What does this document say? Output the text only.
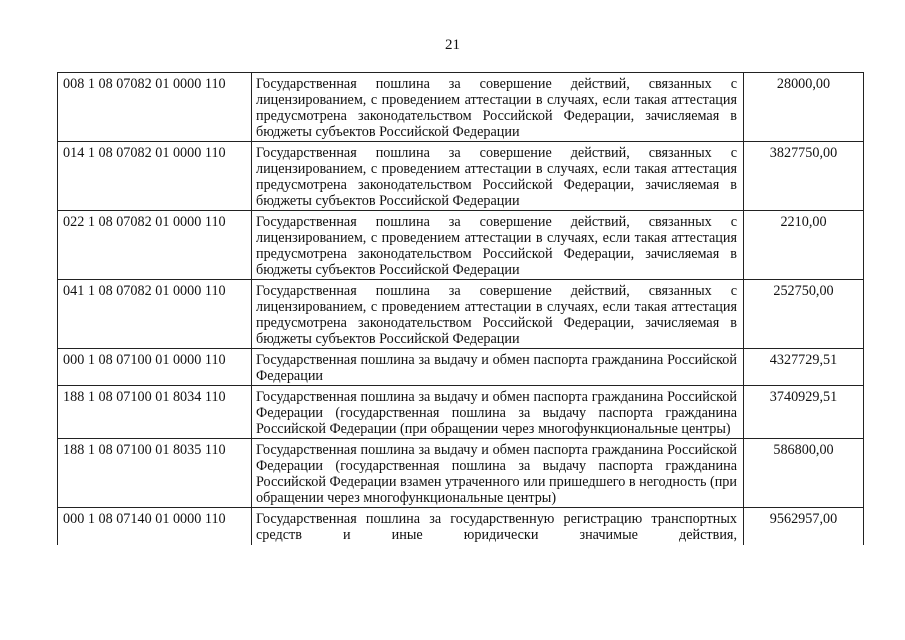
21
008 1 08 07082 01 0000 110	Государственная пошлина за совершение действий, связанных с лицензированием, с проведением аттестации в случаях, если такая аттестация предусмотрена законодательством Российской Федерации, зачисляемая в бюджеты субъектов Российской Федерации	28000,00
014 1 08 07082 01 0000 110	Государственная пошлина за совершение действий, связанных с лицензированием, с проведением аттестации в случаях, если такая аттестация предусмотрена законодательством Российской Федерации, зачисляемая в бюджеты субъектов Российской Федерации	3827750,00
022 1 08 07082 01 0000 110	Государственная пошлина за совершение действий, связанных с лицензированием, с проведением аттестации в случаях, если такая аттестация предусмотрена законодательством Российской Федерации, зачисляемая в бюджеты субъектов Российской Федерации	2210,00
041 1 08 07082 01 0000 110	Государственная пошлина за совершение действий, связанных с лицензированием, с проведением аттестации в случаях, если такая аттестация предусмотрена законодательством Российской Федерации, зачисляемая в бюджеты субъектов Российской Федерации	252750,00
000 1 08 07100 01 0000 110	Государственная пошлина за выдачу и обмен паспорта гражданина Российской Федерации	4327729,51
188 1 08 07100 01 8034 110	Государственная пошлина за выдачу и обмен паспорта гражданина Российской Федерации (государственная пошлина за выдачу паспорта гражданина Российской Федерации (при обращении через многофункциональные центры)	3740929,51
188 1 08 07100 01 8035 110	Государственная пошлина за выдачу и обмен паспорта гражданина Российской Федерации (государственная пошлина за выдачу паспорта гражданина Российской Федерации взамен утраченного или пришедшего в негодность (при обращении через многофункциональные центры)	586800,00
000 1 08 07140 01 0000 110	Государственная пошлина за государственную регистрацию транспортных средств и иные юридически значимые действия,	9562957,00
